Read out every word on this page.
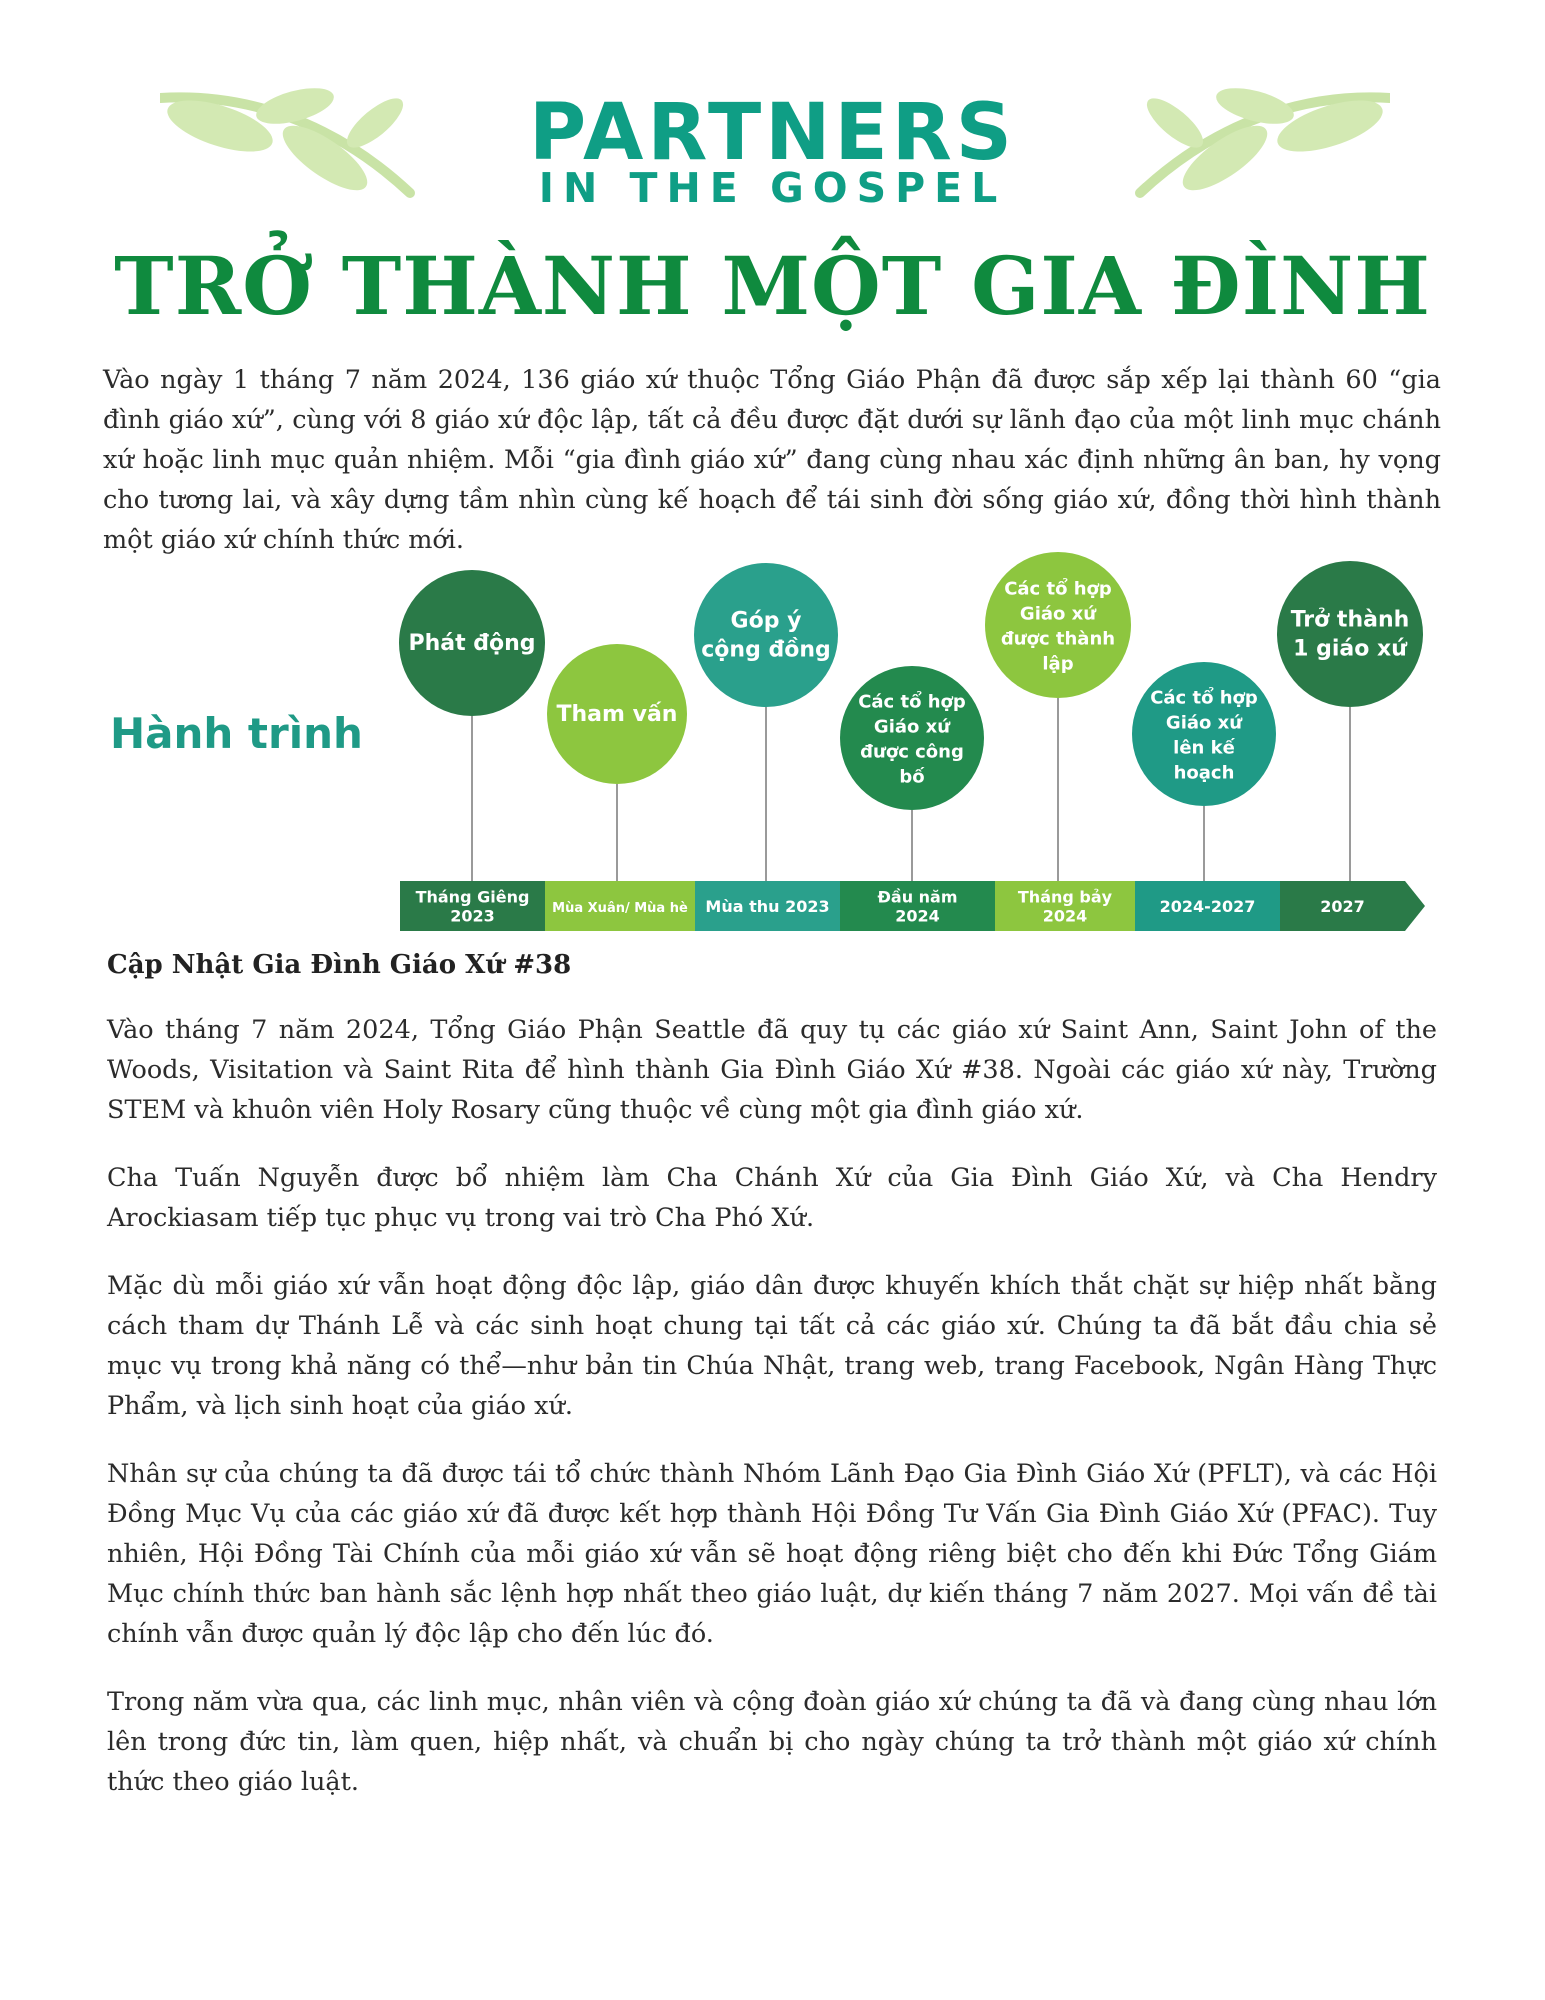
PARTNERS
IN THE GOSPEL
TRỞ THÀNH MỘT GIA ĐÌNH

Vào ngày 1 tháng 7 năm 2024, 136 giáo xứ thuộc Tổng Giáo Phận đã được sắp xếp lại thành 60 “gia đình giáo xứ”, cùng với 8 giáo xứ độc lập, tất cả đều được đặt dưới sự lãnh đạo của một linh mục chánh xứ hoặc linh mục quản nhiệm. Mỗi “gia đình giáo xứ” đang cùng nhau xác định những ân ban, hy vọng cho tương lai, và xây dựng tầm nhìn cùng kế hoạch để tái sinh đời sống giáo xứ, đồng thời hình thành một giáo xứ chính thức mới.

Hành trình
Tháng Giêng
2023	Mùa Xuân/ Mùa hè Mùa thu 2023	Đầu năm
2024
Tháng bảy
2024	2024-2027	2027
Phát động
Tham vấn
Góp ý
cộng đồng
Các tổ hợp
Giáo xứ
được công
bố
Các tổ hợp
Giáo xứ
được thành
lập
Các tổ hợp
Giáo xứ
lên kế
hoạch
Trở thành
1 giáo xứ
Cập Nhật Gia Đình Giáo Xứ #38

Vào tháng 7 năm 2024, Tổng Giáo Phận Seattle đã quy tụ các giáo xứ Saint Ann, Saint John of the Woods, Visitation và Saint Rita để hình thành Gia Đình Giáo Xứ #38. Ngoài các giáo xứ này, Trường STEM và khuôn viên Holy Rosary cũng thuộc về cùng một gia đình giáo xứ.

Cha Tuấn Nguyễn được bổ nhiệm làm Cha Chánh Xứ của Gia Đình Giáo Xứ, và Cha Hendry Arockiasam tiếp tục phục vụ trong vai trò Cha Phó Xứ.

Mặc dù mỗi giáo xứ vẫn hoạt động độc lập, giáo dân được khuyến khích thắt chặt sự hiệp nhất bằng cách tham dự Thánh Lễ và các sinh hoạt chung tại tất cả các giáo xứ. Chúng ta đã bắt đầu chia sẻ mục vụ trong khả năng có thể—như bản tin Chúa Nhật, trang web, trang Facebook, Ngân Hàng Thực Phẩm, và lịch sinh hoạt của giáo xứ.

Nhân sự của chúng ta đã được tái tổ chức thành Nhóm Lãnh Đạo Gia Đình Giáo Xứ (PFLT), và các Hội Đồng Mục Vụ của các giáo xứ đã được kết hợp thành Hội Đồng Tư Vấn Gia Đình Giáo Xứ (PFAC). Tuy nhiên, Hội Đồng Tài Chính của mỗi giáo xứ vẫn sẽ hoạt động riêng biệt cho đến khi Đức Tổng Giám Mục chính thức ban hành sắc lệnh hợp nhất theo giáo luật, dự kiến tháng 7 năm 2027. Mọi vấn đề tài chính vẫn được quản lý độc lập cho đến lúc đó.

Trong năm vừa qua, các linh mục, nhân viên và cộng đoàn giáo xứ chúng ta đã và đang cùng nhau lớn lên trong đức tin, làm quen, hiệp nhất, và chuẩn bị cho ngày chúng ta trở thành một giáo xứ chính thức theo giáo luật.
